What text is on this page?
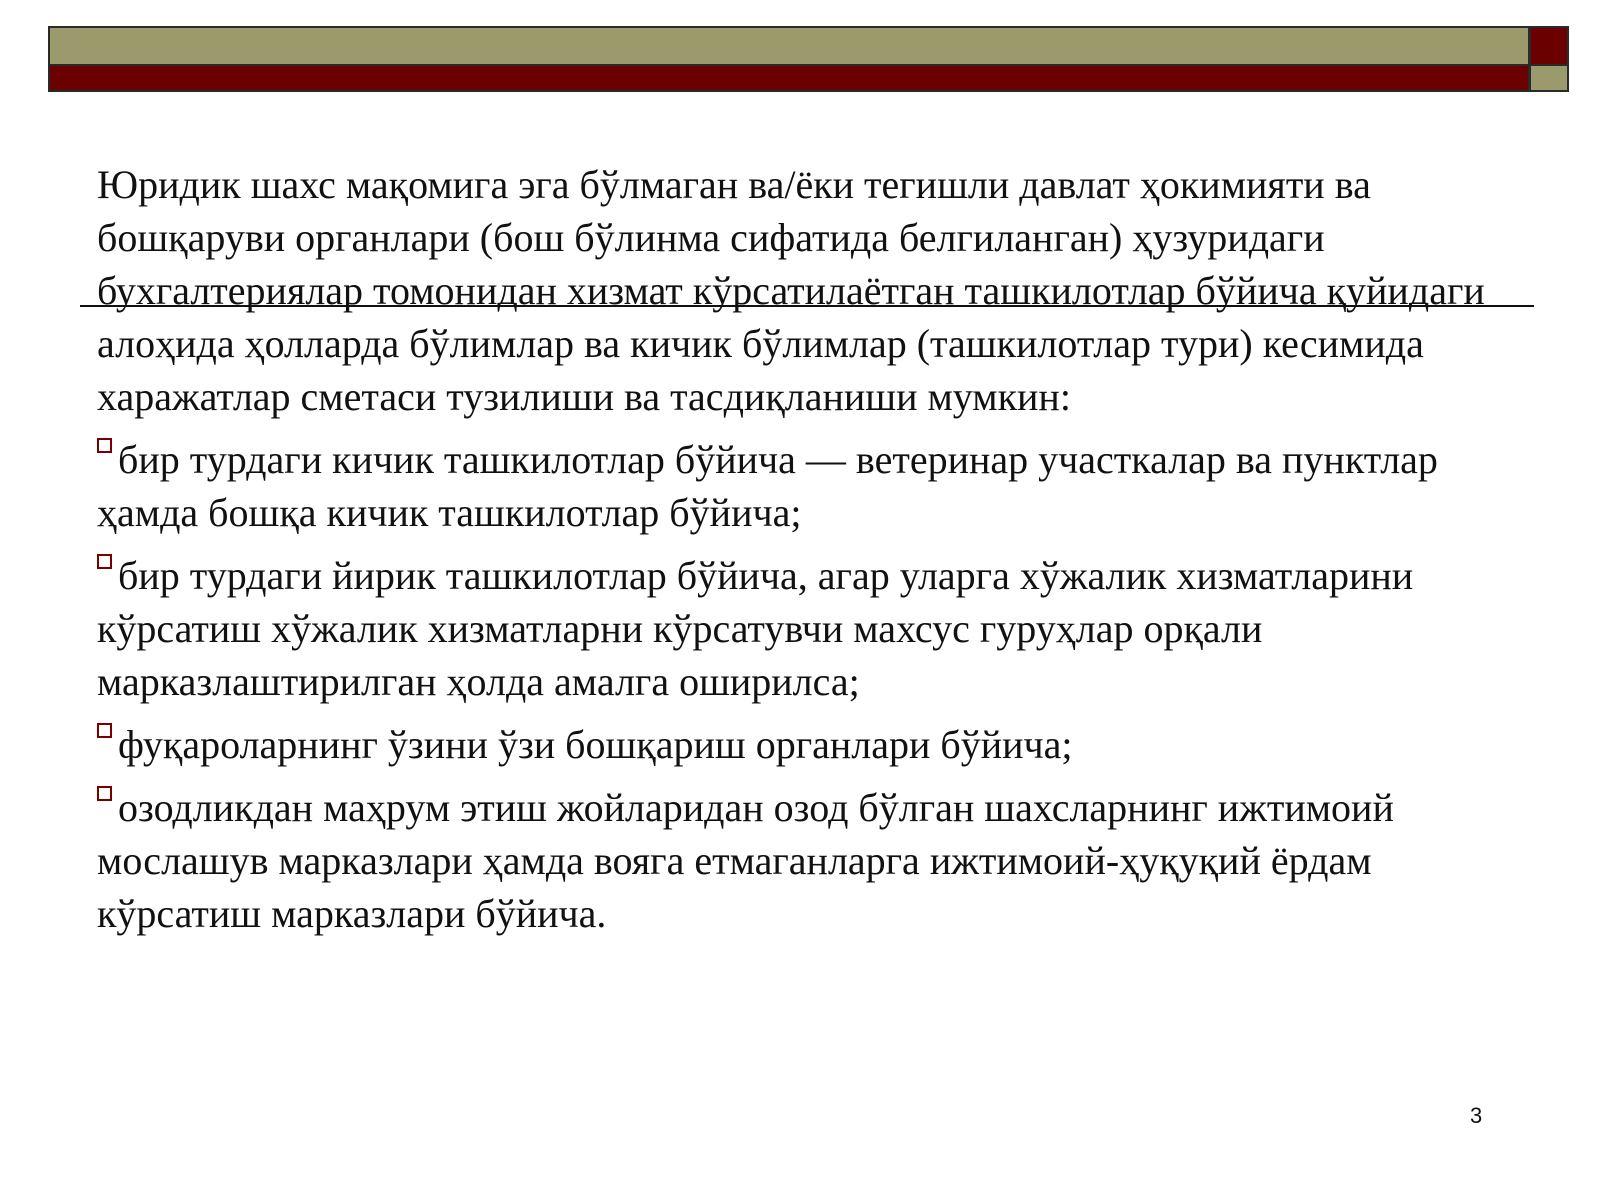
Юридик шахс мақомига эга бўлмаган ва/ёки тегишли давлат ҳокимияти ва бошқаруви органлари (бош бўлинма сифатида белгиланган) ҳузуридаги бухгалтериялар томонидан хизмат кўрсатилаётган ташкилотлар бўйича қуйидаги алоҳида ҳолларда бўлимлар ва кичик бўлимлар (ташкилотлар тури) кесимида харажатлар сметаси тузилиши ва тасдиқланиши мумкин:

бир турдаги кичик ташкилотлар бўйича — ветеринар участкалар ва пунктлар ҳамда бошқа кичик ташкилотлар бўйича;

бир турдаги йирик ташкилотлар бўйича, агар уларга хўжалик хизматларини кўрсатиш хўжалик хизматларни кўрсатувчи махсус гуруҳлар орқали марказлаштирилган ҳолда амалга оширилса;

фуқароларнинг ўзини ўзи бошқариш органлари бўйича;

озодликдан маҳрум этиш жойларидан озод бўлган шахсларнинг ижтимоий мослашув марказлари ҳамда вояга етмаганларга ижтимоий-ҳуқуқий ёрдам кўрсатиш марказлари бўйича.

3
